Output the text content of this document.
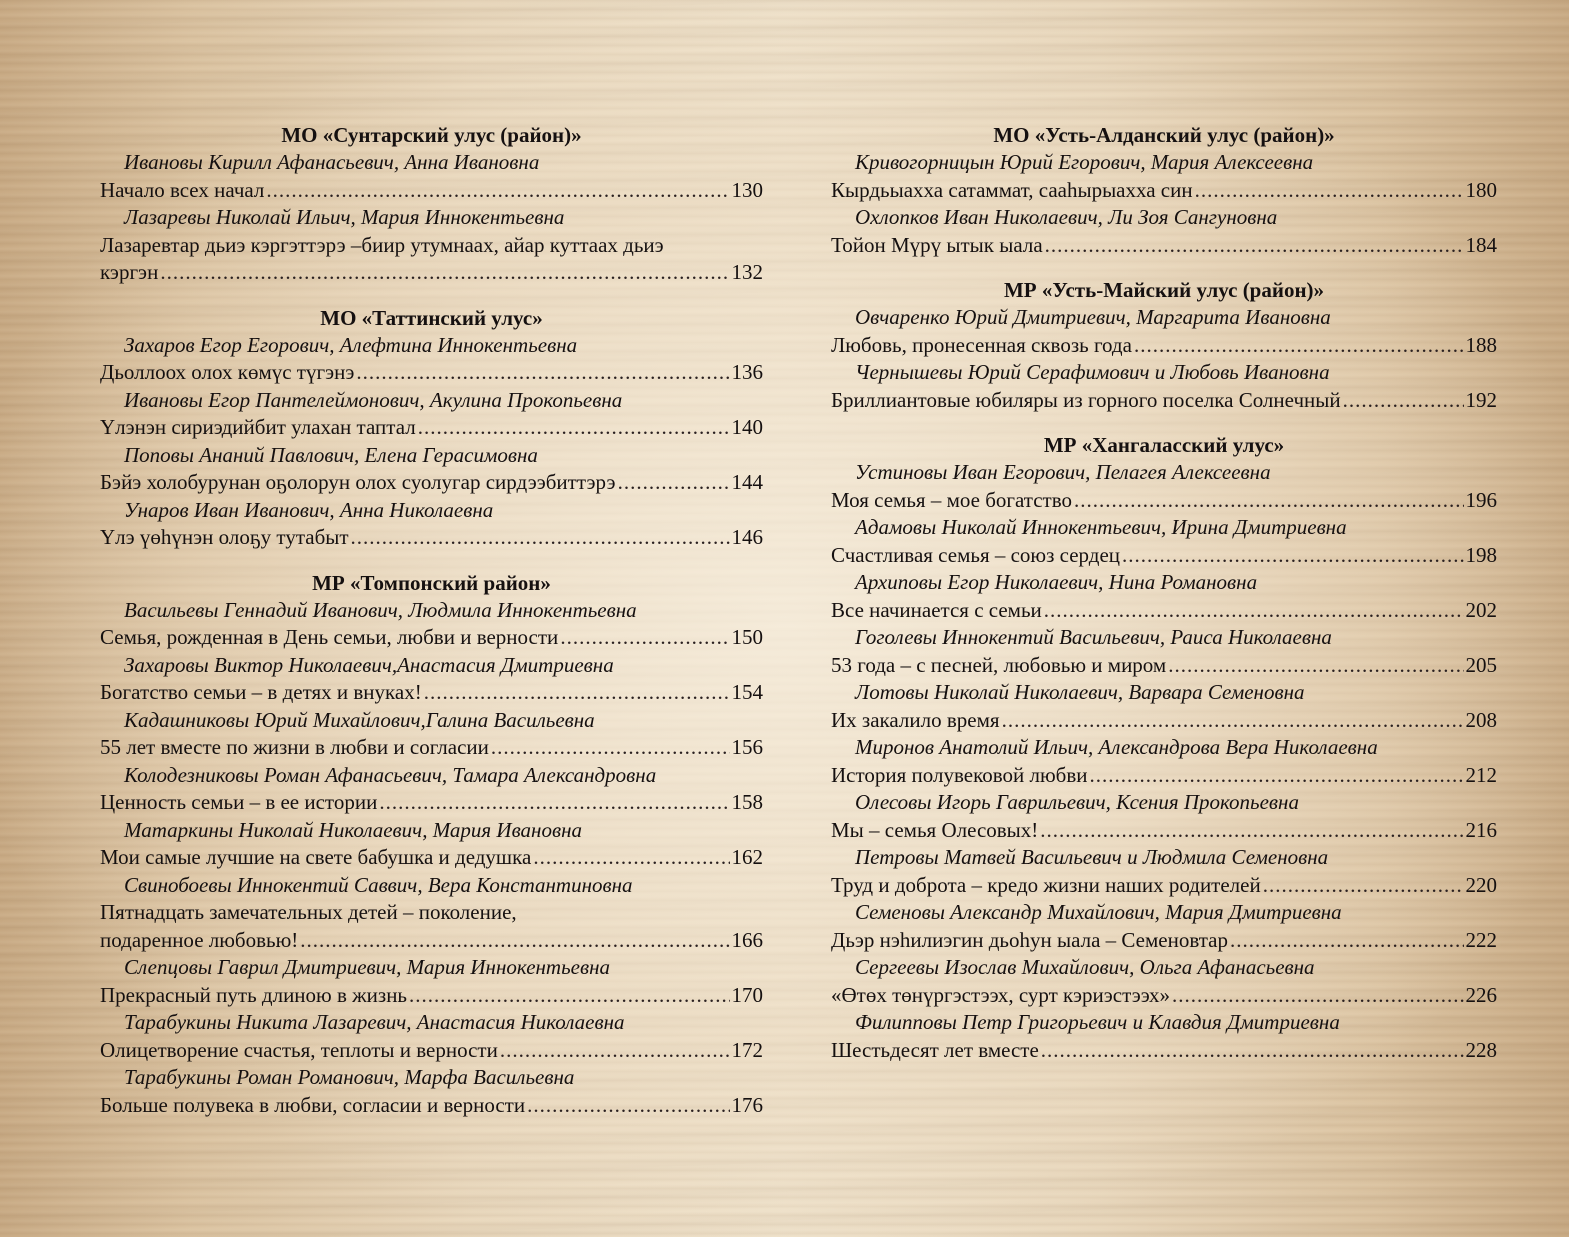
МО «Сунтарский улус (район)»
Ивановы Кирилл Афанасьевич, Анна Ивановна
Начало всех начал .....	130
Лазаревы Николай Ильич, Мария Иннокентьевна
Лазаревтар дьиэ кэргэттэрэ –биир утумнаах, айар куттаах дьиэ
кэргэн .....	132
МО «Таттинский улус»
Захаров Егор Егорович, Алефтина Иннокентьевна
Дьоллоох олох көмүс түгэнэ .....	136
Ивановы Егор Пантелеймонович, Акулина Прокопьевна
Үлэнэн сириэдийбит улахан таптал .....	140
Поповы Ананий Павлович, Елена Герасимовна
Бэйэ холобурунан оҕолорун олох суолугар сирдээбиттэрэ .....	144
Унаров Иван Иванович, Анна Николаевна
Үлэ үөһүнэн олоҕу тутабыт .....	146
МР «Томпонский район»
Васильевы Геннадий Иванович, Людмила Иннокентьевна
Семья, рожденная в День семьи, любви и верности .....	150
Захаровы Виктор Николаевич,Анастасия Дмитриевна
Богатство семьи – в детях и внуках! .....	154
Кадашниковы Юрий Михайлович,Галина Васильевна
55 лет вместе по жизни в любви и согласии .....	156
Колодезниковы Роман Афанасьевич, Тамара Александровна
Ценность семьи – в ее истории .....	158
Матаркины Николай Николаевич, Мария Ивановна
Мои самые лучшие на свете бабушка и дедушка .....	162
Свинобоевы Иннокентий Саввич, Вера Константиновна
Пятнадцать замечательных детей – поколение,
подаренное любовью! .....	166
Слепцовы Гаврил Дмитриевич, Мария Иннокентьевна
Прекрасный путь длиною в жизнь .....	170
Тарабукины Никита Лазаревич, Анастасия Николаевна
Олицетворение счастья, теплоты и верности .....	172
Тарабукины Роман Романович, Марфа Васильевна
Больше полувека в любви, согласии и верности .....	176
МО «Усть-Алданский улус (район)»
Кривогорницын Юрий Егорович, Мария Алексеевна
Кырдьыахха сатаммат, сааһырыахха син .....	180
Охлопков Иван Николаевич, Ли Зоя Сангуновна
Тойон Мүрү ытык ыала .....	184
МР «Усть-Майский улус (район)»
Овчаренко Юрий Дмитриевич, Маргарита Ивановна
Любовь, пронесенная сквозь года .....	188
Чернышевы Юрий Серафимович и Любовь Ивановна
Бриллиантовые юбиляры из горного поселка Солнечный .....	192
МР «Хангаласский улус»
Устиновы Иван Егорович, Пелагея Алексеевна
Моя семья – мое богатство .....	196
Адамовы Николай Иннокентьевич, Ирина Дмитриевна
Счастливая семья – союз сердец .....	198
Архиповы Егор Николаевич, Нина Романовна
Все начинается с семьи .....	202
Гоголевы Иннокентий Васильевич, Раиса Николаевна
53 года – с песней, любовью и миром .....	205
Лотовы Николай Николаевич, Варвара Семеновна
Их закалило время .....	208
Миронов Анатолий Ильич, Александрова Вера Николаевна
История полувековой любви .....	212
Олесовы Игорь Гаврильевич, Ксения Прокопьевна
Мы – семья Олесовых! .....	216
Петровы Матвей Васильевич и Людмила Семеновна
Труд и доброта – кредо жизни наших родителей .....	220
Семеновы Александр Михайлович, Мария Дмитриевна
Дьэр нэһилиэгин дьоһун ыала – Семеновтар .....	222
Сергеевы Изослав Михайлович, Ольга Афанасьевна
«Өтөх төнүргэстээх, сурт кэриэстээх» .....	226
Филипповы Петр Григорьевич и Клавдия Дмитриевна
Шестьдесят лет вместе .....	228
